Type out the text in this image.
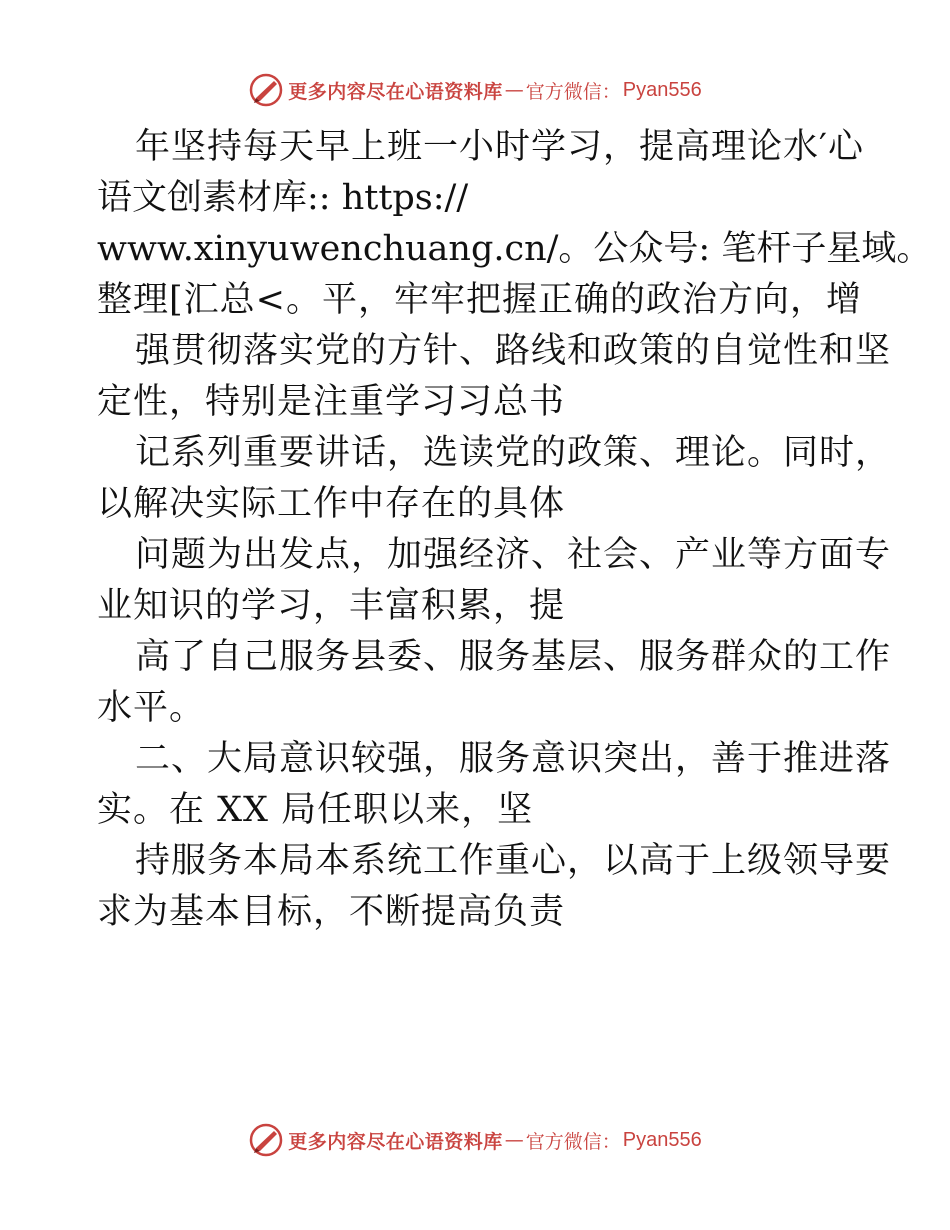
更多内容尽在心语资料库 — 官方微信： Pyan556
年坚持每天早上班一小时学习，提高理论水′心
语文创素材库:: https://
www.xinyuwenchuang.cn/。公众号: 笔杆子星域。
整理[汇总<。平，牢牢把握正确的政治方向，增
强贯彻落实党的方针、路线和政策的自觉性和坚
定性，特别是注重学习习总书
记系列重要讲话，选读党的政策、理论。同时，
以解决实际工作中存在的具体
问题为出发点，加强经济、社会、产业等方面专
业知识的学习，丰富积累，提
高了自己服务县委、服务基层、服务群众的工作
水平。
二、大局意识较强，服务意识突出，善于推进落
实。在 XX 局任职以来，坚
持服务本局本系统工作重心，以高于上级领导要
求为基本目标，不断提高负责
更多内容尽在心语资料库 — 官方微信： Pyan556
